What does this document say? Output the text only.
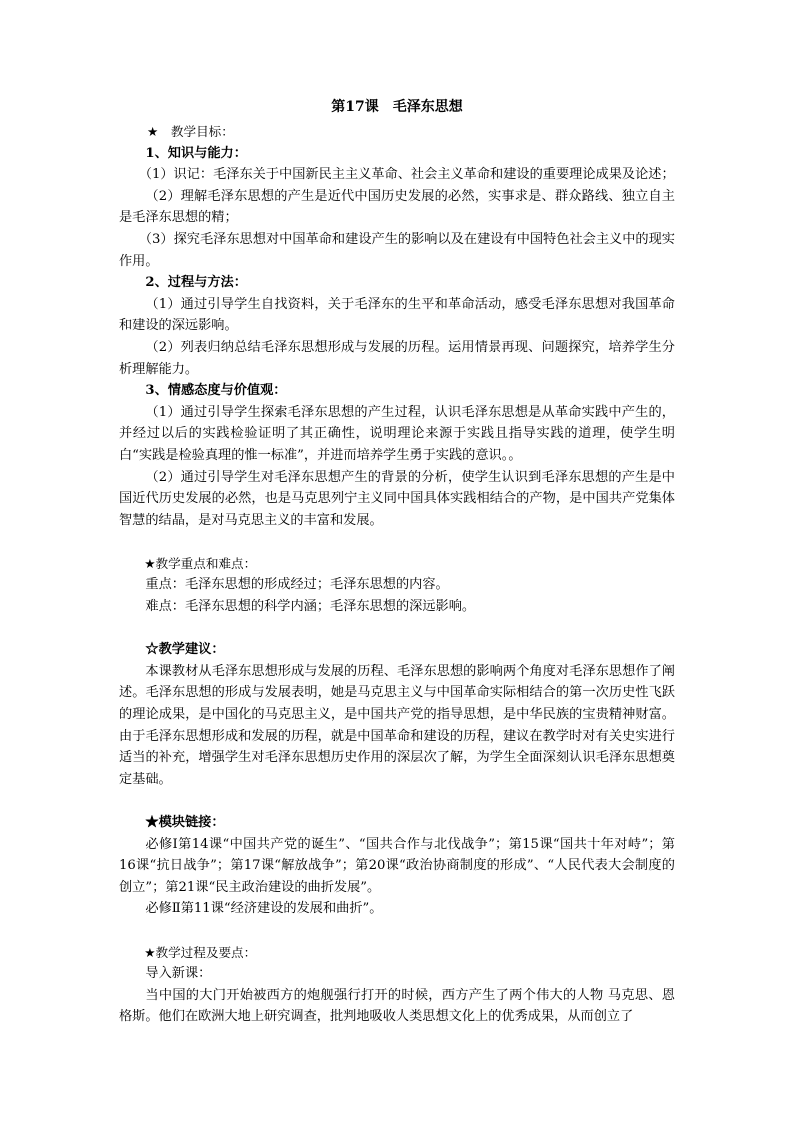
第17课　毛泽东思想

★　教学目标：

1、知识与能力：

（1）识记：毛泽东关于中国新民主主义革命、社会主义革命和建设的重要理论成果及论述；

（2）理解毛泽东思想的产生是近代中国历史发展的必然，实事求是、群众路线、独立自主是毛泽东思想的精；

（3）探究毛泽东思想对中国革命和建设产生的影响以及在建设有中国特色社会主义中的现实作用。

2、过程与方法：

（1）通过引导学生自找资料，关于毛泽东的生平和革命活动，感受毛泽东思想对我国革命和建设的深远影响。

（2）列表归纳总结毛泽东思想形成与发展的历程。运用情景再现、问题探究，培养学生分析理解能力。

3、情感态度与价值观：

（1）通过引导学生探索毛泽东思想的产生过程，认识毛泽东思想是从革命实践中产生的，并经过以后的实践检验证明了其正确性，说明理论来源于实践且指导实践的道理，使学生明白“实践是检验真理的惟一标准”，并进而培养学生勇于实践的意识。。

（2）通过引导学生对毛泽东思想产生的背景的分析，使学生认识到毛泽东思想的产生是中国近代历史发展的必然，也是马克思列宁主义同中国具体实践相结合的产物，是中国共产党集体智慧的结晶，是对马克思主义的丰富和发展。

★教学重点和难点：

重点：毛泽东思想的形成经过；毛泽东思想的内容。

难点：毛泽东思想的科学内涵；毛泽东思想的深远影响。

☆教学建议：

本课教材从毛泽东思想形成与发展的历程、毛泽东思想的影响两个角度对毛泽东思想作了阐述。毛泽东思想的形成与发展表明，她是马克思主义与中国革命实际相结合的第一次历史性飞跃的理论成果，是中国化的马克思主义，是中国共产党的指导思想，是中华民族的宝贵精神财富。由于毛泽东思想形成和发展的历程，就是中国革命和建设的历程，建议在教学时对有关史实进行适当的补充，增强学生对毛泽东思想历史作用的深层次了解，为学生全面深刻认识毛泽东思想奠定基础。

★模块链接：

必修Ⅰ第14课“中国共产党的诞生”、“国共合作与北伐战争”；第15课“国共十年对峙”；第16课“抗日战争”；第17课“解放战争”；第20课“政治协商制度的形成”、“人民代表大会制度的创立”；第21课“民主政治建设的曲折发展”。

必修Ⅱ第11课“经济建设的发展和曲折”。

★教学过程及要点：

导入新课：

当中国的大门开始被西方的炮舰强行打开的时候，西方产生了两个伟大的人物 马克思、恩格斯。他们在欧洲大地上研究调查，批判地吸收人类思想文化上的优秀成果，从而创立了
